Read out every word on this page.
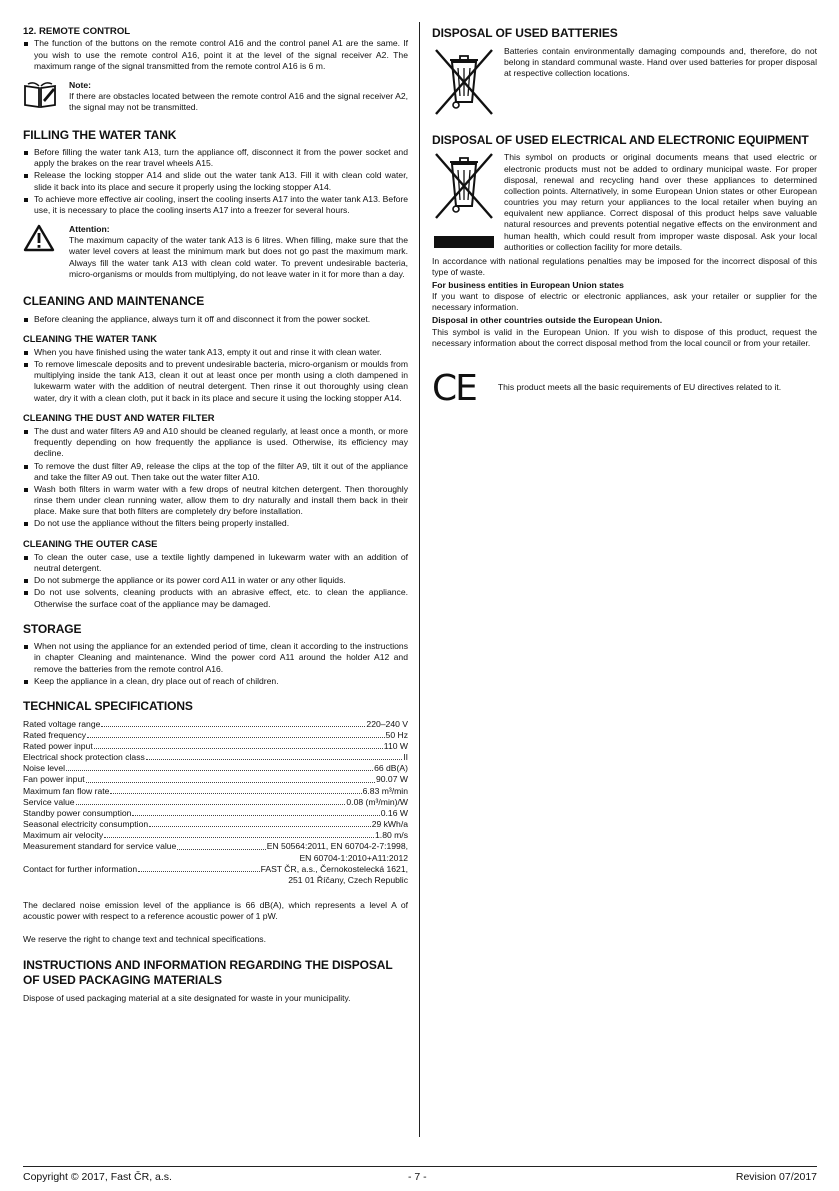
12. REMOTE CONTROL
The function of the buttons on the remote control A16 and the control panel A1 are the same. If you wish to use the remote control A16, point it at the level of the signal receiver A2. The maximum range of the signal transmitted from the remote control A16 is 6 m.
Note:

If there are obstacles located between the remote control A16 and the signal receiver A2, the signal may not be transmitted.

FILLING THE WATER TANK
Before filling the water tank A13, turn the appliance off, disconnect it from the power socket and apply the brakes on the rear travel wheels A15.
Release the locking stopper A14 and slide out the water tank A13. Fill it with clean cold water, slide it back into its place and secure it properly using the locking stopper A14.
To achieve more effective air cooling, insert the cooling inserts A17 into the water tank A13. Before use, it is necessary to place the cooling inserts A17 into a freezer for several hours.
Attention:

The maximum capacity of the water tank A13 is 6 litres. When filling, make sure that the water level covers at least the minimum mark but does not go past the maximum mark. Always fill the water tank A13 with clean cold water. To prevent undesirable bacteria, micro-organisms or moulds from multiplying, do not leave water in it for more than a day.

CLEANING AND MAINTENANCE
Before cleaning the appliance, always turn it off and disconnect it from the power socket.
CLEANING THE WATER TANK
When you have finished using the water tank A13, empty it out and rinse it with clean water.
To remove limescale deposits and to prevent undesirable bacteria, micro-organism or moulds from multiplying inside the tank A13, clean it out at least once per month using a cloth dampened in lukewarm water with the addition of neutral detergent. Then rinse it out thoroughly using clean water, dry it with a clean cloth, put it back in its place and secure it using the locking stopper A14.
CLEANING THE DUST AND WATER FILTER
The dust and water filters A9 and A10 should be cleaned regularly, at least once a month, or more frequently depending on how frequently the appliance is used. Otherwise, its efficiency may decline.
To remove the dust filter A9, release the clips at the top of the filter A9, tilt it out of the appliance and take the filter A9 out. Then take out the water filter A10.
Wash both filters in warm water with a few drops of neutral kitchen detergent. Then thoroughly rinse them under clean running water, allow them to dry naturally and install them back in their place. Make sure that both filters are completely dry before installation.
Do not use the appliance without the filters being properly installed.
CLEANING THE OUTER CASE
To clean the outer case, use a textile lightly dampened in lukewarm water with an addition of neutral detergent.
Do not submerge the appliance or its power cord A11 in water or any other liquids.
Do not use solvents, cleaning products with an abrasive effect, etc. to clean the appliance. Otherwise the surface coat of the appliance may be damaged.
STORAGE
When not using the appliance for an extended period of time, clean it according to the instructions in chapter Cleaning and maintenance. Wind the power cord A11 around the holder A12 and remove the batteries from the remote control A16.
Keep the appliance in a clean, dry place out of reach of children.
TECHNICAL SPECIFICATIONS
Rated voltage range	220–240 V
Rated frequency	50 Hz
Rated power input	110 W
Electrical shock protection class	II
Noise level	66 dB(A)
Fan power input	90.07 W
Maximum fan flow rate	6.83 m³/min
Service value	0.08 (m³/min)/W
Standby power consumption	0.16 W
Seasonal electricity consumption	29 kWh/a
Maximum air velocity	1.80 m/s
Measurement standard for service value	EN 50564:2011, EN 60704-2-7:1998,
EN 60704-1:2010+A11:2012
Contact for further information	FAST ČR, a.s., Černokostelecká 1621,
251 01 Říčany, Czech Republic

The declared noise emission level of the appliance is 66 dB(A), which represents a level A of acoustic power with respect to a reference acoustic power of 1 pW.

We reserve the right to change text and technical specifications.

INSTRUCTIONS AND INFORMATION REGARDING THE DISPOSAL OF USED PACKAGING MATERIALS

Dispose of used packaging material at a site designated for waste in your municipality.

DISPOSAL OF USED BATTERIES

Batteries contain environmentally damaging compounds and, therefore, do not belong in standard communal waste. Hand over used batteries for proper disposal at respective collection locations.

DISPOSAL OF USED ELECTRICAL AND ELECTRONIC EQUIPMENT

This symbol on products or original documents means that used electric or electronic products must not be added to ordinary municipal waste. For proper disposal, renewal and recycling hand over these appliances to determined collection points. Alternatively, in some European Union states or other European countries you may return your appliances to the local retailer when buying an equivalent new appliance. Correct disposal of this product helps save valuable natural resources and prevents potential negative effects on the environment and human health, which could result from improper waste disposal. Ask your local authorities or collection facility for more details.

In accordance with national regulations penalties may be imposed for the incorrect disposal of this type of waste.

For business entities in European Union states

If you want to dispose of electric or electronic appliances, ask your retailer or supplier for the necessary information.

Disposal in other countries outside the European Union.

This symbol is valid in the European Union. If you wish to dispose of this product, request the necessary information about the correct disposal method from the local council or from your retailer.

CE	This product meets all the basic requirements of EU directives related to it.

Copyright © 2017, Fast ČR, a.s.	- 7 -	Revision 07/2017
